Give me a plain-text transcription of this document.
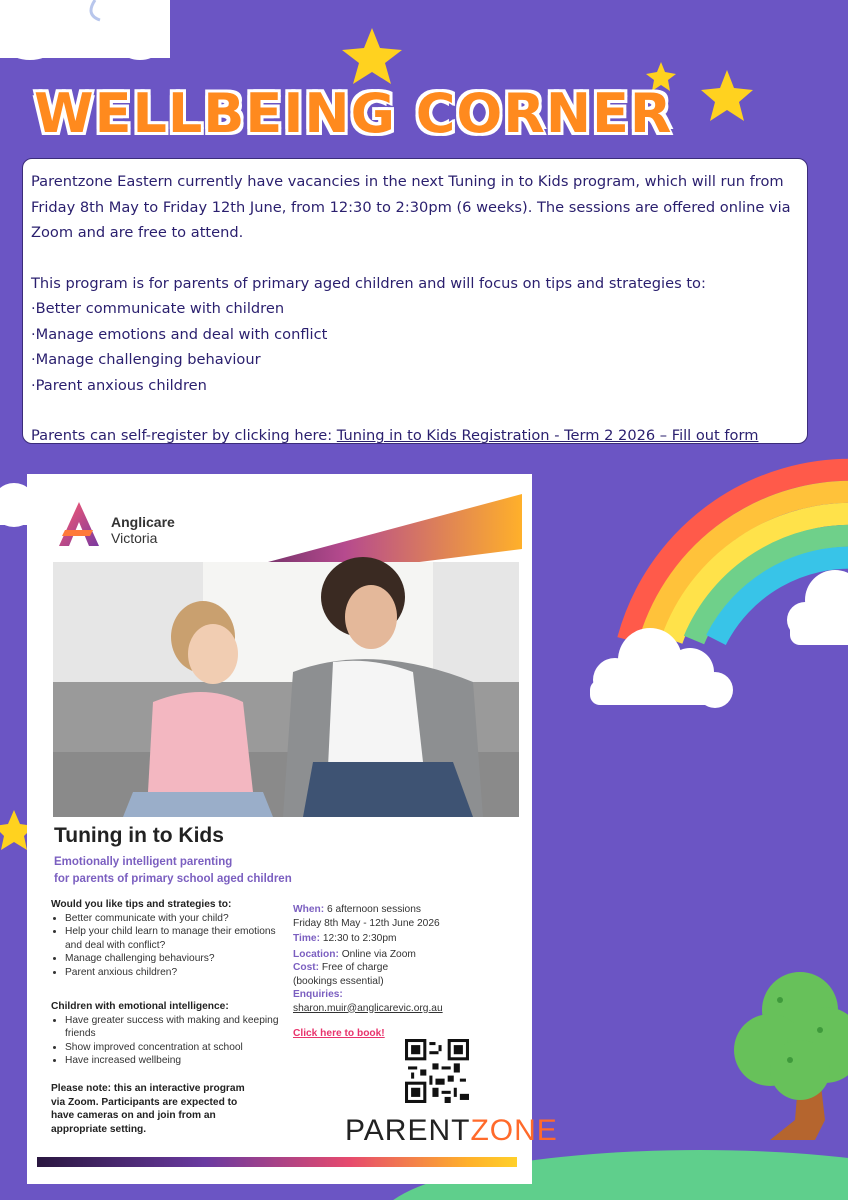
WELLBEING CORNER

Parentzone Eastern currently have vacancies in the next Tuning in to Kids program, which will run from Friday 8th May to Friday 12th June, from 12:30 to 2:30pm (6 weeks). The sessions are offered online via Zoom and are free to attend.

This program is for parents of primary aged children and will focus on tips and strategies to:

·Better communicate with children

·Manage emotions and deal with conflict

·Manage challenging behaviour

·Parent anxious children

Parents can self-register by clicking here: Tuning in to Kids Registration - Term 2 2026 – Fill out form

Anglicare
Victoria
Tuning in to Kids
Emotionally intelligent parenting
for parents of primary school aged children
Would you like tips and strategies to:
• Better communicate with your child?
• Help your child learn to manage their emotions and deal with conflict?
• Manage challenging behaviours?
• Parent anxious children?
Children with emotional intelligence:
• Have greater success with making and keeping friends
• Show improved concentration at school
• Have increased wellbeing
Please note: this an interactive program via Zoom. Participants are expected to have cameras on and join from an appropriate setting.
When: 6 afternoon sessions
Friday 8th May - 12th June 2026
Time: 12:30 to 2:30pm
Location: Online via Zoom
Cost: Free of charge
(bookings essential)
Enquiries:
sharon.muir@anglicarevic.org.au
Click here to book!
PARENTZONE
